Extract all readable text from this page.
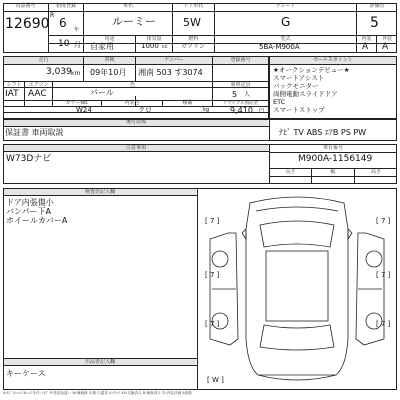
出品番号
12690
初度登録
R
6 年
10 月
車名
ルーミー
用途
自家用
ドア形状
5W
グレード
G
排気量
1000 cc
燃料
ガソリン
型式
5BA-M900A
評価点
5
内装
A
外装
A
走行
3,039 km
車検
09年10月
ナンバー
湘南 503 す3074
登録番号
シフト
IAT
エアコン
AAC
色
パール
乗車定員
5 人
カラーNo.
W24
内装色
クロ
積載
kg
リサイクル預託金
9,410 円
後付装備
保証書 車両取説	ﾅﾋﾞ TV ABS ｴｱB PS PW
セールスポイント
★オークションデビュー★
スマートアシスト
バックモニター
両側電動スライドドア
ETC
スマートストップ
注意事項
W73Dナビ
車台番号
M900A-1156149
長さ	幅	高さ
検査員記入欄
ドア内張傷小
バンパー下A
ホイールカバーA
出品者記入欄
キーケース
[ 7 ]	[ 7 ]
[ 7 ]	[ 7 ]
[ 7 ]	[ 7 ]
[ W ]
A:ｷｽﾞ U:ﾍｺﾐ B:ﾍｺﾐを伴うｷｽﾞ P:塗装色違い W:補修跡 S:錆 C:腐食 X:ｸﾗｯｸ XX:交換済み R:補修済み 内:内装評価 5段階
